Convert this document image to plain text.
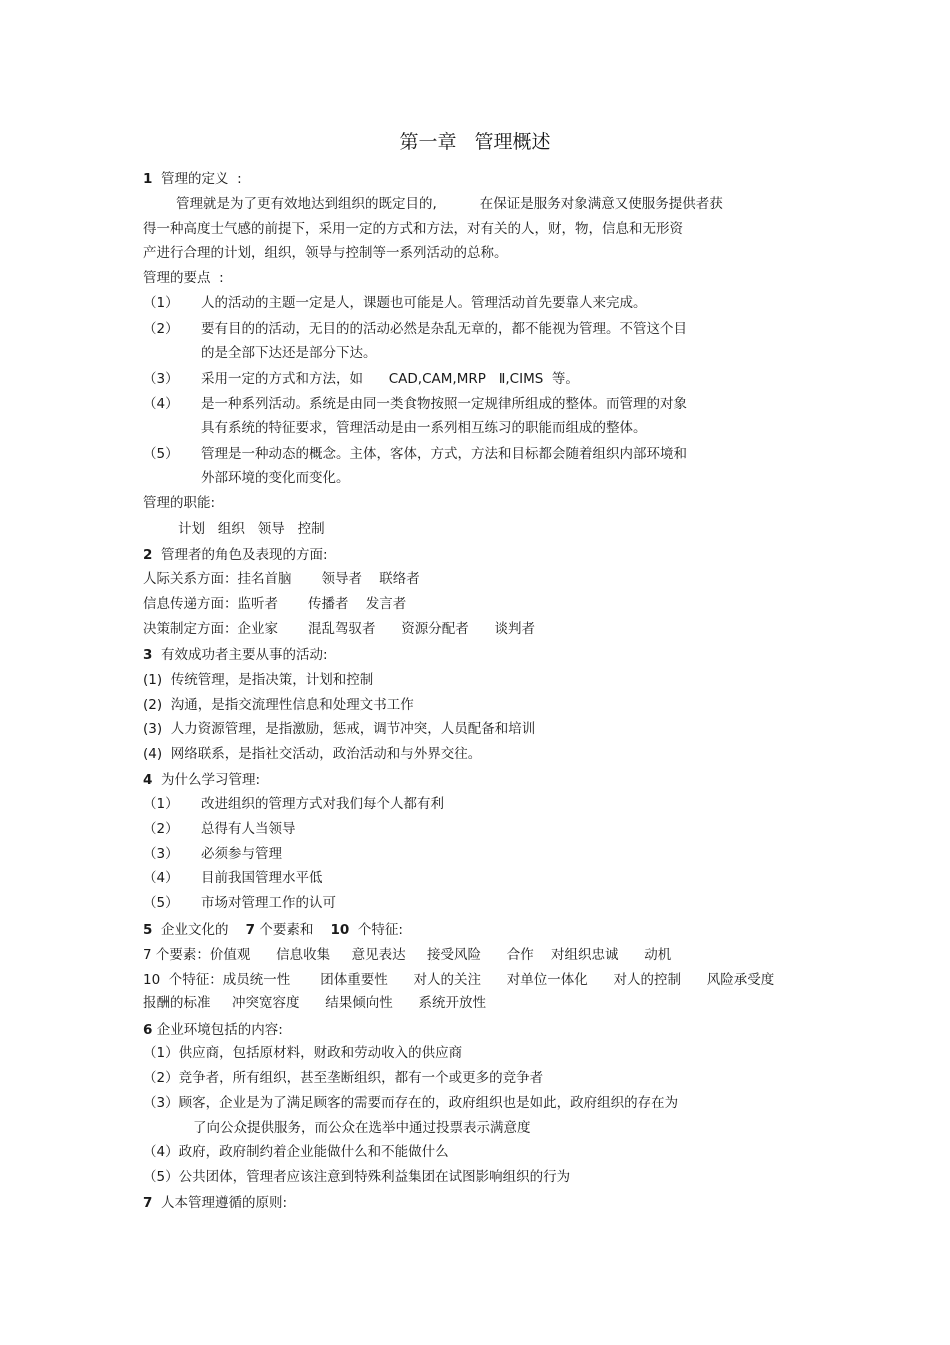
第一章   管理概述
1  管理的定义  :
管理就是为了更有效地达到组织的既定目的,          在保证是服务对象满意又使服务提供者获
得一种高度士气感的前提下，采用一定的方式和方法，对有关的人，财，物，信息和无形资
产进行合理的计划，组织，领导与控制等一系列活动的总称。
管理的要点  :
（1） 人的活动的主题一定是人，课题也可能是人。管理活动首先要靠人来完成。
（2） 要有目的的活动，无目的的活动必然是杂乱无章的，都不能视为管理。不管这个目
的是全部下达还是部分下达。
（3） 采用一定的方式和方法，如      CAD,CAM,MRP   Ⅱ,CIMS  等。
（4） 是一种系列活动。系统是由同一类食物按照一定规律所组成的整体。而管理的对象
具有系统的特征要求，管理活动是由一系列相互练习的职能而组成的整体。
（5） 管理是一种动态的概念。主体，客体，方式，方法和目标都会随着组织内部环境和
外部环境的变化而变化。
管理的职能:
计划   组织   领导   控制
2  管理者的角色及表现的方面:
人际关系方面：挂名首脑       领导者    联络者
信息传递方面：监听者       传播者    发言者
决策制定方面：企业家       混乱驾驭者      资源分配者      谈判者
3  有效成功者主要从事的活动:
(1)  传统管理，是指决策，计划和控制
(2)  沟通，是指交流理性信息和处理文书工作
(3)  人力资源管理，是指激励，惩戒，调节冲突，人员配备和培训
(4)  网络联系，是指社交活动，政治活动和与外界交往。
4  为什么学习管理:
（1） 改进组织的管理方式对我们每个人都有利
（2） 总得有人当领导
（3） 必须参与管理
（4） 目前我国管理水平低
（5） 市场对管理工作的认可
5  企业文化的    7 个要素和    10  个特征:
7 个要素：价值观      信息收集     意见表达     接受风险      合作    对组织忠诚      动机
10  个特征：成员统一性       团体重要性      对人的关注      对单位一体化      对人的控制      风险承受度
报酬的标准     冲突宽容度      结果倾向性      系统开放性
6 企业环境包括的内容:
（1）供应商，包括原材料，财政和劳动收入的供应商
（2）竞争者，所有组织，甚至垄断组织，都有一个或更多的竞争者
（3）顾客，企业是为了满足顾客的需要而存在的，政府组织也是如此，政府组织的存在为
了向公众提供服务，而公众在选举中通过投票表示满意度
（4）政府，政府制约着企业能做什么和不能做什么
（5）公共团体，管理者应该注意到特殊利益集团在试图影响组织的行为
7  人本管理遵循的原则:
